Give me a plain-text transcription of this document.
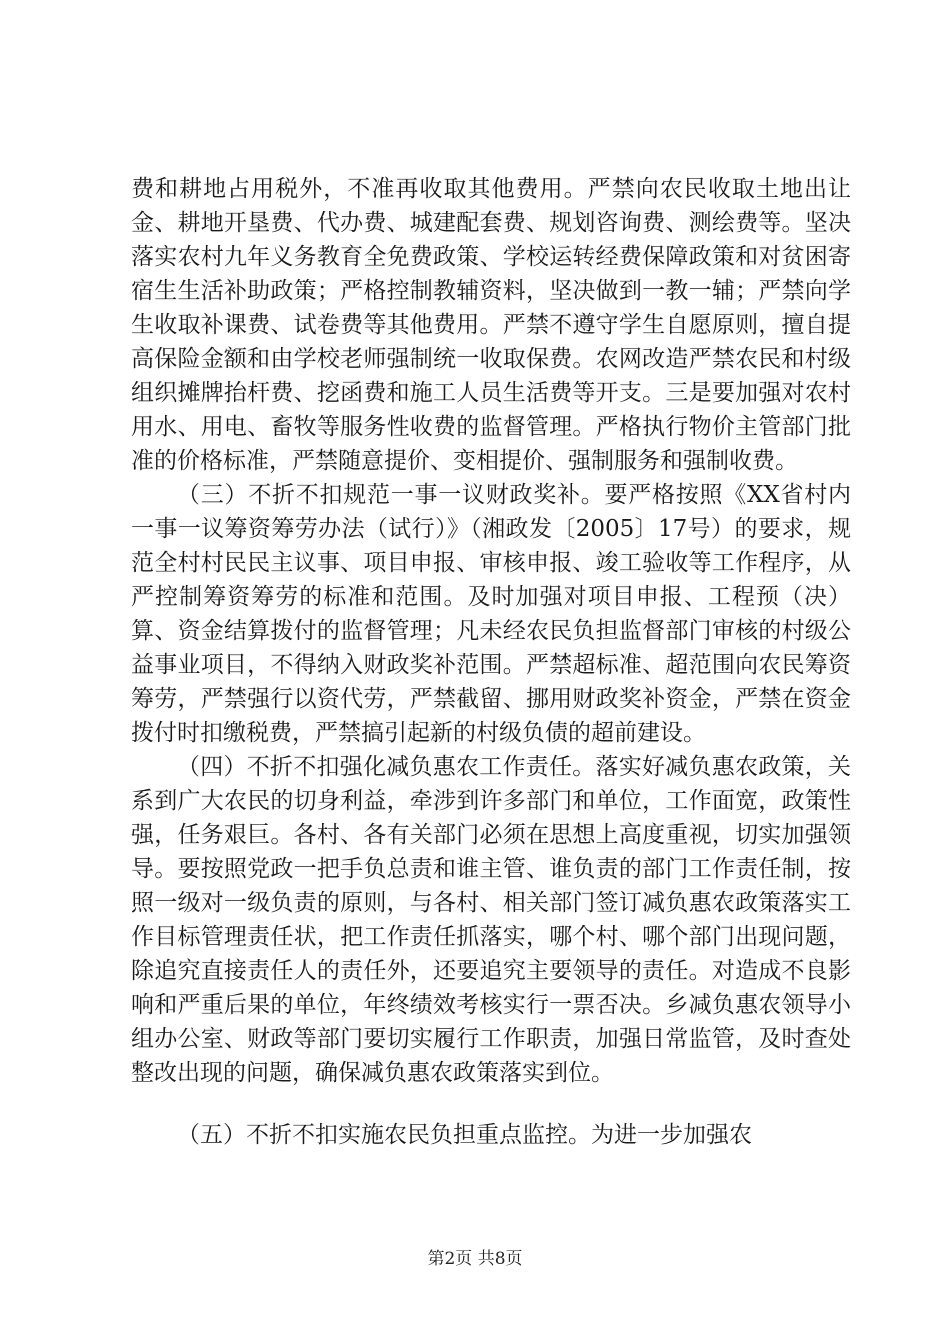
费和耕地占用税外，不准再收取其他费用。严禁向农民收取土地出让金、耕地开垦费、代办费、城建配套费、规划咨询费、测绘费等。坚决落实农村九年义务教育全免费政策、学校运转经费保障政策和对贫困寄宿生生活补助政策；严格控制教辅资料，坚决做到一教一辅；严禁向学生收取补课费、试卷费等其他费用。严禁不遵守学生自愿原则，擅自提高保险金额和由学校老师强制统一收取保费。农网改造严禁农民和村级组织摊牌抬杆费、挖函费和施工人员生活费等开支。三是要加强对农村用水、用电、畜牧等服务性收费的监督管理。严格执行物价主管部门批准的价格标准，严禁随意提价、变相提价、强制服务和强制收费。

（三）不折不扣规范一事一议财政奖补。要严格按照《XX省村内一事一议筹资筹劳办法（试行）》（湘政发〔2005〕17号）的要求，规范全村村民民主议事、项目申报、审核申报、竣工验收等工作程序，从严控制筹资筹劳的标准和范围。及时加强对项目申报、工程预（决）算、资金结算拨付的监督管理；凡未经农民负担监督部门审核的村级公益事业项目，不得纳入财政奖补范围。严禁超标准、超范围向农民筹资筹劳，严禁强行以资代劳，严禁截留、挪用财政奖补资金，严禁在资金拨付时扣缴税费，严禁搞引起新的村级负债的超前建设。

（四）不折不扣强化减负惠农工作责任。落实好减负惠农政策，关系到广大农民的切身利益，牵涉到许多部门和单位，工作面宽，政策性强，任务艰巨。各村、各有关部门必须在思想上高度重视，切实加强领导。要按照党政一把手负总责和谁主管、谁负责的部门工作责任制，按照一级对一级负责的原则，与各村、相关部门签订减负惠农政策落实工作目标管理责任状，把工作责任抓落实，哪个村、哪个部门出现问题，除追究直接责任人的责任外，还要追究主要领导的责任。对造成不良影响和严重后果的单位，年终绩效考核实行一票否决。乡减负惠农领导小组办公室、财政等部门要切实履行工作职责，加强日常监管，及时查处整改出现的问题，确保减负惠农政策落实到位。

（五）不折不扣实施农民负担重点监控。为进一步加强农

第2页 共8页
